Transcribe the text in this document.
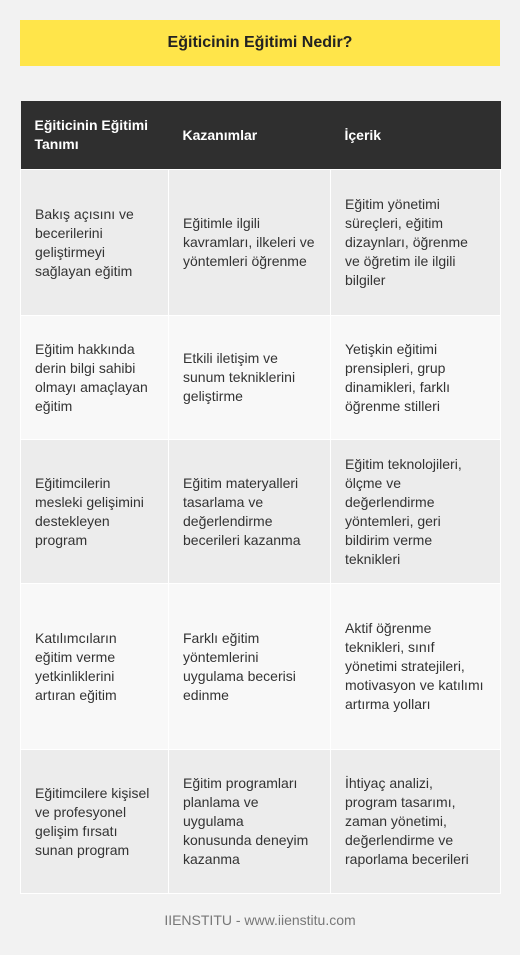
Eğiticinin Eğitimi Nedir?
Eğiticinin Eğitimi Tanımı	Kazanımlar	İçerik
Bakış açısını ve becerilerini geliştirmeyi sağlayan eğitim	Eğitimle ilgili kavramları, ilkeleri ve yöntemleri öğrenme	Eğitim yönetimi süreçleri, eğitim dizaynları, öğrenme ve öğretim ile ilgili bilgiler
Eğitim hakkında derin bilgi sahibi olmayı amaçlayan eğitim	Etkili iletişim ve sunum tekniklerini geliştirme	Yetişkin eğitimi prensipleri, grup dinamikleri, farklı öğrenme stilleri
Eğitimcilerin mesleki gelişimini destekleyen program	Eğitim materyalleri tasarlama ve değerlendirme becerileri kazanma	Eğitim teknolojileri, ölçme ve değerlendirme yöntemleri, geri bildirim verme teknikleri
Katılımcıların eğitim verme yetkinliklerini artıran eğitim	Farklı eğitim yöntemlerini uygulama becerisi edinme	Aktif öğrenme teknikleri, sınıf yönetimi stratejileri, motivasyon ve katılımı artırma yolları
Eğitimcilere kişisel ve profesyonel gelişim fırsatı sunan program	Eğitim programları planlama ve uygulama konusunda deneyim kazanma	İhtiyaç analizi, program tasarımı, zaman yönetimi, değerlendirme ve raporlama becerileri
IIENSTITU - www.iienstitu.com
